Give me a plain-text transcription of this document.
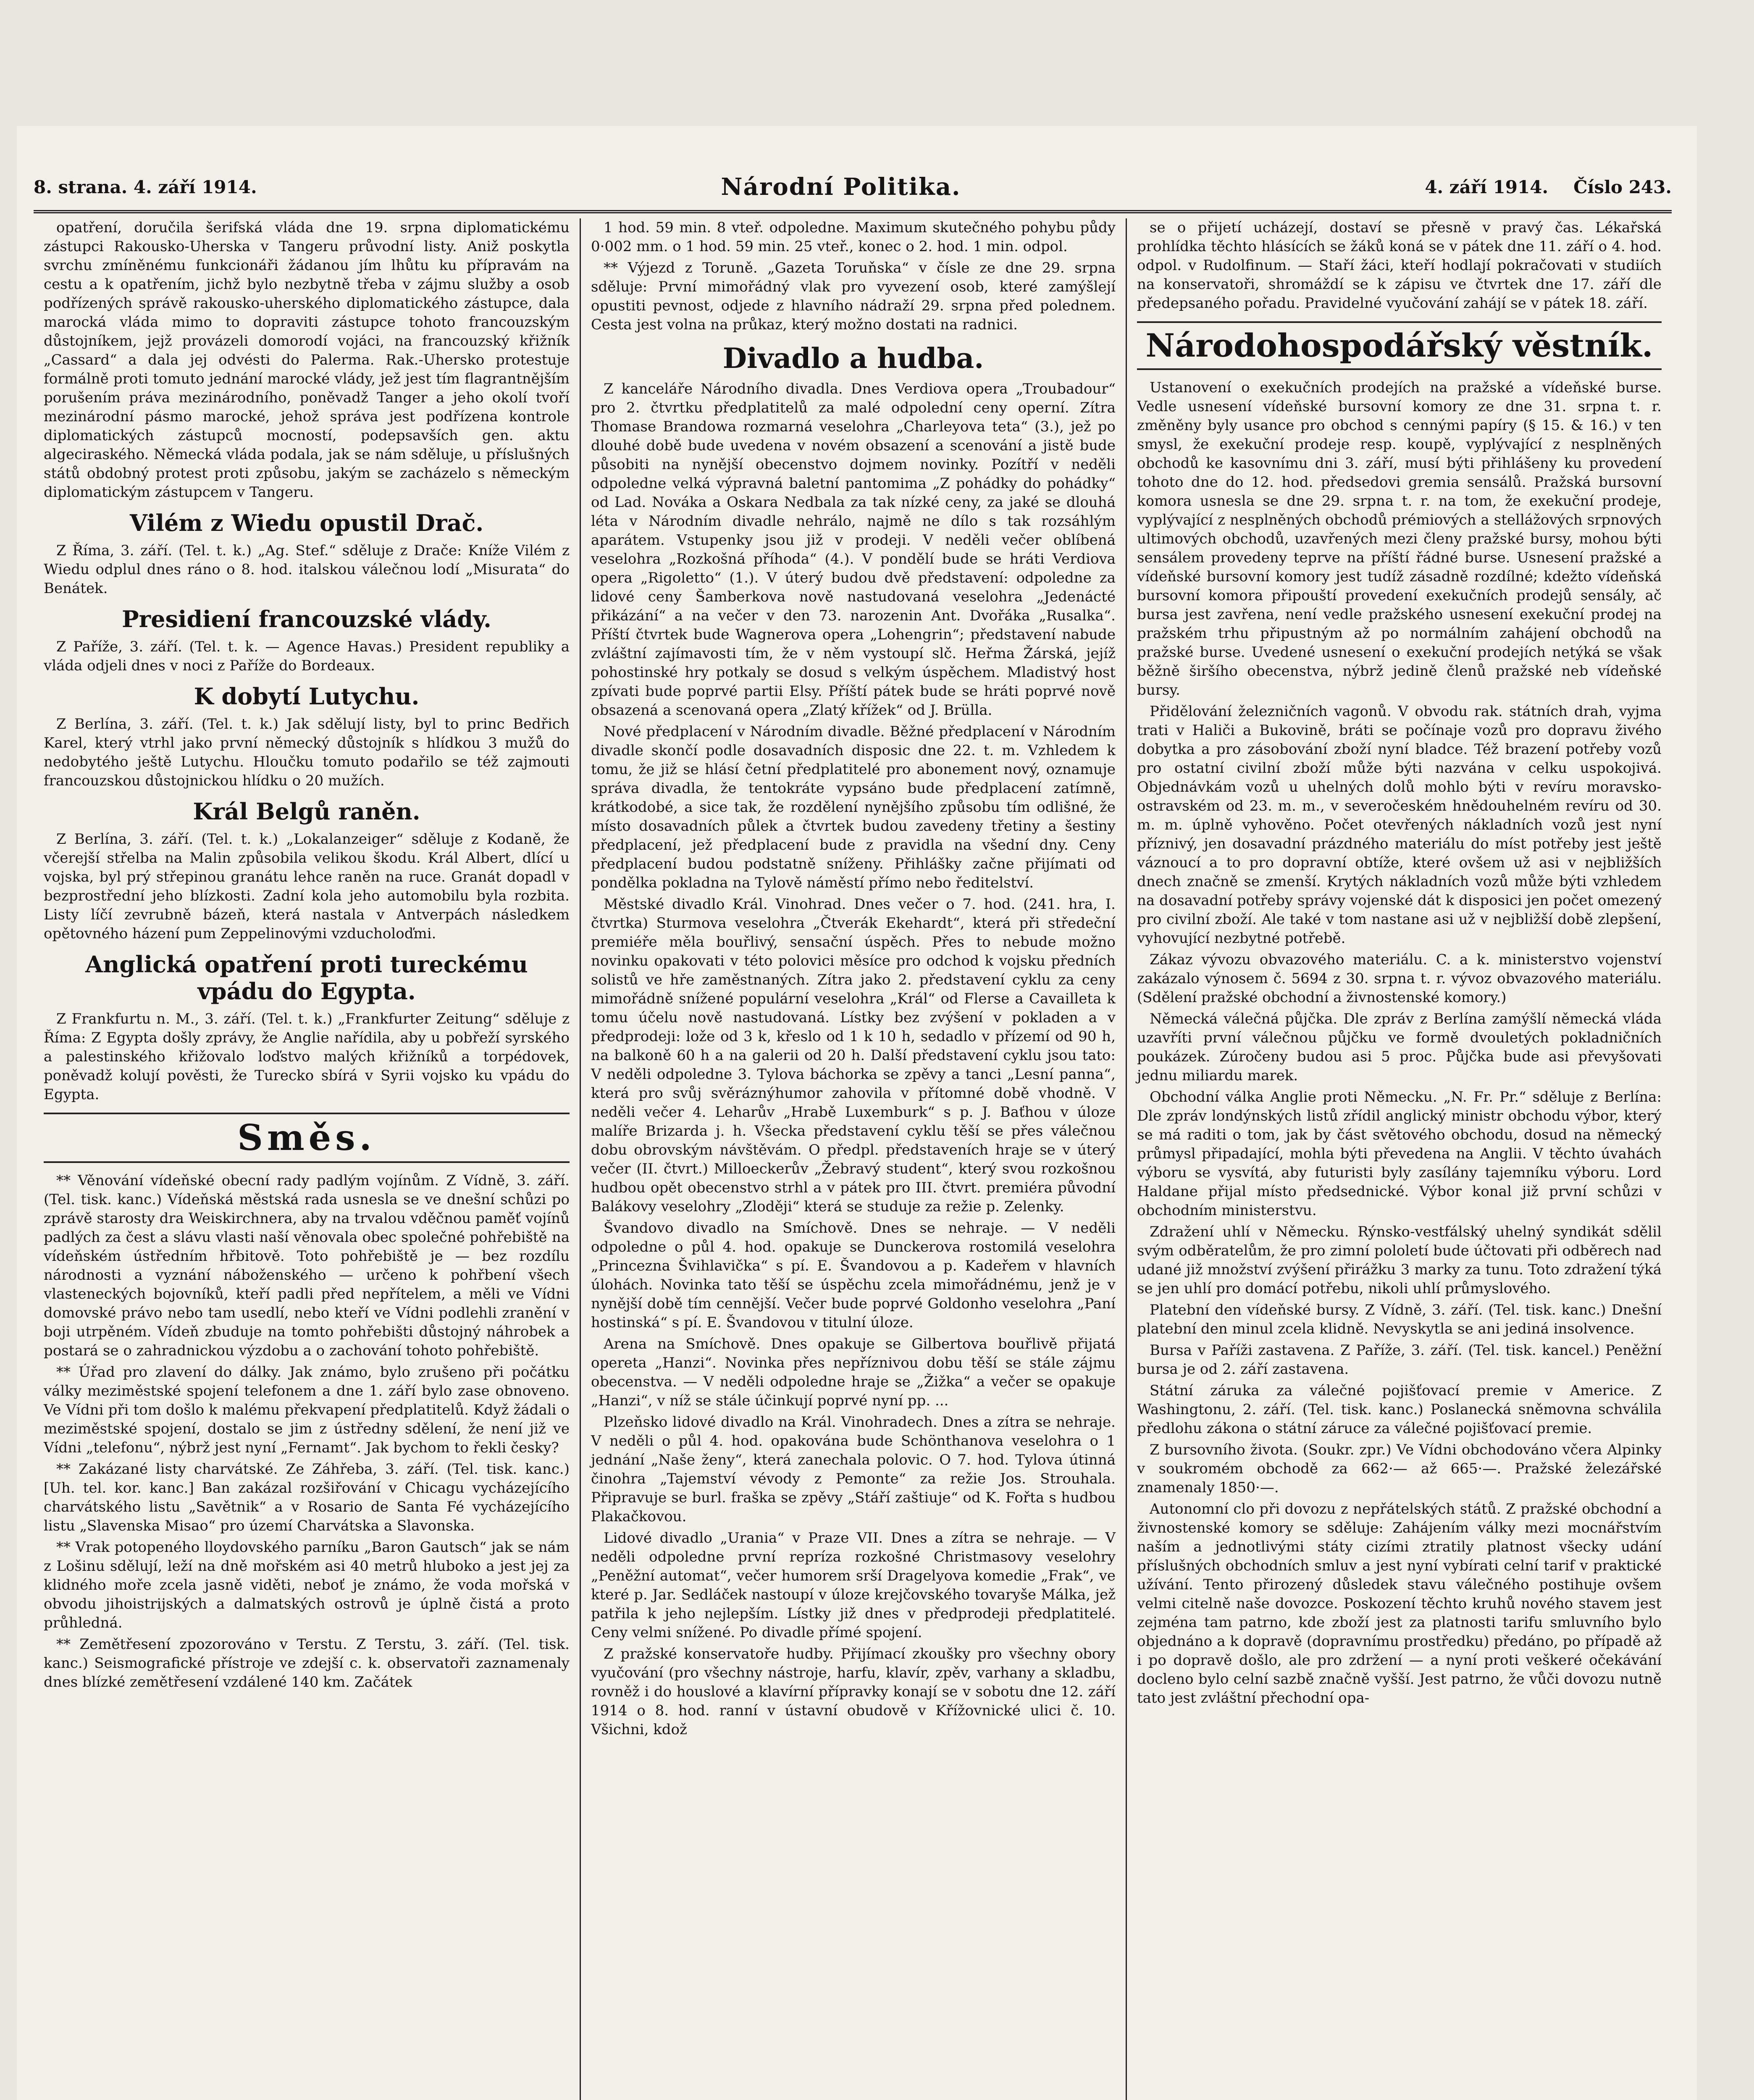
8. strana. 4. září 1914.	Národní Politika.	4. září 1914. Číslo 243.

opatření, doručila šerifská vláda dne 19. srpna diplomatickému zástupci Rakousko-Uherska v Tangeru průvodní listy. Aniž poskytla svrchu zmíněnému funkcionáři žádanou jím lhůtu ku přípravám na cestu a k opatřením, jichž bylo nezbytně třeba v zájmu služby a osob podřízených správě rakousko-uherského diplomatického zástupce, dala marocká vláda mimo to dopraviti zástupce tohoto francouzským důstojníkem, jejž provázeli domorodí vojáci, na francouzský křižník „Cassard“ a dala jej odvésti do Palerma. Rak.-Uhersko protestuje formálně proti tomuto jednání marocké vlády, jež jest tím flagrantnějším porušením práva mezinárodního, poněvadž Tanger a jeho okolí tvoří mezinárodní pásmo marocké, jehož správa jest podřízena kontrole diplomatických zástupců mocností, podepsavších gen. aktu algeciraského. Německá vláda podala, jak se nám sděluje, u příslušných států obdobný protest proti způsobu, jakým se zacházelo s německým diplomatickým zástupcem v Tangeru.

Vilém z Wiedu opustil Drač.

Z Říma, 3. září. (Tel. t. k.) „Ag. Stef.“ sděluje z Drače: Kníže Vilém z Wiedu odplul dnes ráno o 8. hod. italskou válečnou lodí „Misurata“ do Benátek.

Presidiení francouzské vlády.

Z Paříže, 3. září. (Tel. t. k. — Agence Havas.) President republiky a vláda odjeli dnes v noci z Paříže do Bordeaux.

K dobytí Lutychu.

Z Berlína, 3. září. (Tel. t. k.) Jak sdělují listy, byl to princ Bedřich Karel, který vtrhl jako první německý důstojník s hlídkou 3 mužů do nedobytého ještě Lutychu. Hloučku tomuto podařilo se též zajmouti francouzskou důstojnickou hlídku o 20 mužích.

Král Belgů raněn.

Z Berlína, 3. září. (Tel. t. k.) „Lokalanzeiger“ sděluje z Kodaně, že včerejší střelba na Malin způsobila velikou škodu. Král Albert, dlící u vojska, byl prý střepinou granátu lehce raněn na ruce. Granát dopadl v bezprostřední jeho blízkosti. Zadní kola jeho automobilu byla rozbita. Listy líčí zevrubně bázeň, která nastala v Antverpách následkem opětovného házení pum Zeppelinovými vzducholoďmi.

Anglická opatření proti tureckému vpádu do Egypta.

Z Frankfurtu n. M., 3. září. (Tel. t. k.) „Frankfurter Zeitung“ sděluje z Říma: Z Egypta došly zprávy, že Anglie nařídila, aby u pobřeží syrského a palestinského křižovalo loďstvo malých křižníků a torpédovek, poněvadž kolují pověsti, že Turecko sbírá v Syrii vojsko ku vpádu do Egypta.

Směs.

** Věnování vídeňské obecní rady padlým vojínům. Z Vídně, 3. září. (Tel. tisk. kanc.) Vídeňská městská rada usnesla se ve dnešní schůzi po zprávě starosty dra Weiskirchnera, aby na trvalou vděčnou paměť vojínů padlých za čest a slávu vlasti naší věnovala obec společné pohřebiště na vídeňském ústředním hřbitově. Toto pohřebiště je — bez rozdílu národnosti a vyznání náboženského — určeno k pohřbení všech vlasteneckých bojovníků, kteří padli před nepřítelem, a měli ve Vídni domovské právo nebo tam usedlí, nebo kteří ve Vídni podlehli zranění v boji utrpěném. Vídeň zbuduje na tomto pohřebišti důstojný náhrobek a postará se o zahradnickou výzdobu a o zachování tohoto pohřebiště.

** Úřad pro zlavení do dálky. Jak známo, bylo zrušeno při počátku války meziměstské spojení telefonem a dne 1. září bylo zase obnoveno. Ve Vídni při tom došlo k malému překvapení předplatitelů. Když žádali o meziměstské spojení, dostalo se jim z ústředny sdělení, že není již ve Vídni „telefonu“, nýbrž jest nyní „Fernamt“. Jak bychom to řekli česky?

** Zakázané listy charvátské. Ze Záhřeba, 3. září. (Tel. tisk. kanc.) [Uh. tel. kor. kanc.] Ban zakázal rozšiřování v Chicagu vycházejícího charvátského listu „Savětnik“ a v Rosario de Santa Fé vycházejícího listu „Slavenska Misao“ pro území Charvátska a Slavonska.

** Vrak potopeného lloydovského parníku „Baron Gautsch“ jak se nám z Lošinu sdělují, leží na dně mořském asi 40 metrů hluboko a jest jej za klidného moře zcela jasně viděti, neboť je známo, že voda mořská v obvodu jihoistrijských a dalmatských ostrovů je úplně čistá a proto průhledná.

** Zemětřesení zpozorováno v Terstu. Z Terstu, 3. září. (Tel. tisk. kanc.) Seismografické přístroje ve zdejší c. k. observatoři zaznamenaly dnes blízké zemětřesení vzdálené 140 km. Začátek

1 hod. 59 min. 8 vteř. odpoledne. Maximum skutečného pohybu půdy 0·002 mm. o 1 hod. 59 min. 25 vteř., konec o 2. hod. 1 min. odpol.

** Výjezd z Toruně. „Gazeta Toruňska“ v čísle ze dne 29. srpna sděluje: První mimořádný vlak pro vyvezení osob, které zamýšlejí opustiti pevnost, odjede z hlavního nádraží 29. srpna před polednem. Cesta jest volna na průkaz, který možno dostati na radnici.

Divadlo a hudba.

Z kanceláře Národního divadla. Dnes Verdiova opera „Troubadour“ pro 2. čtvrtku předplatitelů za malé odpolední ceny operní. Zítra Thomase Brandowa rozmarná veselohra „Charleyova teta“ (3.), jež po dlouhé době bude uvedena v novém obsazení a scenování a jistě bude působiti na nynější obecenstvo dojmem novinky. Pozítří v neděli odpoledne velká výpravná baletní pantomima „Z pohádky do pohádky“ od Lad. Nováka a Oskara Nedbala za tak nízké ceny, za jaké se dlouhá léta v Národním divadle nehrálo, najmě ne dílo s tak rozsáhlým aparátem. Vstupenky jsou již v prodeji. V neděli večer oblíbená veselohra „Rozkošná příhoda“ (4.). V pondělí bude se hráti Verdiova opera „Rigoletto“ (1.). V úterý budou dvě představení: odpoledne za lidové ceny Šamberkova nově nastudovaná veselohra „Jedenácté přikázání“ a na večer v den 73. narozenin Ant. Dvořáka „Rusalka“. Příští čtvrtek bude Wagnerova opera „Lohengrin“; představení nabude zvláštní zajímavosti tím, že v něm vystoupí slč. Heřma Žárská, jejíž pohostinské hry potkaly se dosud s velkým úspěchem. Mladistvý host zpívati bude poprvé partii Elsy. Příští pátek bude se hráti poprvé nově obsazená a scenovaná opera „Zlatý křížek“ od J. Brülla.

Nové předplacení v Národním divadle. Běžné předplacení v Národním divadle skončí podle dosavadních disposic dne 22. t. m. Vzhledem k tomu, že již se hlásí četní předplatitelé pro abonement nový, oznamuje správa divadla, že tentokráte vypsáno bude předplacení zatímně, krátkodobé, a sice tak, že rozdělení nynějšího způsobu tím odlišné, že místo dosavadních půlek a čtvrtek budou zavedeny třetiny a šestiny předplacení, jež předplacení bude z pravidla na všední dny. Ceny předplacení budou podstatně sníženy. Přihlášky začne přijímati od pondělka pokladna na Tylově náměstí přímo nebo ředitelství.

Městské divadlo Král. Vinohrad. Dnes večer o 7. hod. (241. hra, I. čtvrtka) Sturmova veselohra „Čtverák Ekehardt“, která při středeční premiéře měla bouřlivý, sensační úspěch. Přes to nebude možno novinku opakovati v této polovici měsíce pro odchod k vojsku předních solistů ve hře zaměstnaných. Zítra jako 2. představení cyklu za ceny mimořádně snížené populární veselohra „Král“ od Flerse a Cavailleta k tomu účelu nově nastudovaná. Lístky bez zvýšení v pokladen a v předprodeji: lože od 3 k, křeslo od 1 k 10 h, sedadlo v přízemí od 90 h, na balkoně 60 h a na galerii od 20 h. Další představení cyklu jsou tato: V neděli odpoledne 3. Tylova báchorka se zpěvy a tanci „Lesní panna“, která pro svůj svěráznýhumor zahovila v přítomné době vhodně. V neděli večer 4. Leharův „Hrabě Luxemburk“ s p. J. Baťhou v úloze malíře Brizarda j. h. Všecka představení cyklu těší se přes válečnou dobu obrovským návštěvám. O předpl. představeních hraje se v úterý večer (II. čtvrt.) Milloeckerův „Žebravý student“, který svou rozkošnou hudbou opět obecenstvo strhl a v pátek pro III. čtvrt. premiéra původní Balákovy veselohry „Zloději“ která se studuje za režie p. Zelenky.

Švandovo divadlo na Smíchově. Dnes se nehraje. — V neděli odpoledne o půl 4. hod. opakuje se Dunckerova rostomilá veselohra „Princezna Švihlavička“ s pí. E. Švandovou a p. Kadeřem v hlavních úlohách. Novinka tato těší se úspěchu zcela mimořádnému, jenž je v nynější době tím cennější. Večer bude poprvé Goldonho veselohra „Paní hostinská“ s pí. E. Švandovou v titulní úloze.

Arena na Smíchově. Dnes opakuje se Gilbertova bouřlivě přijatá opereta „Hanzi“. Novinka přes nepříznivou dobu těší se stále zájmu obecenstva. — V neděli odpoledne hraje se „Žižka“ a večer se opakuje „Hanzi“, v níž se stále účinkují poprvé nyní pp. ...

Plzeňsko lidové divadlo na Král. Vinohradech. Dnes a zítra se nehraje. V neděli o půl 4. hod. opakována bude Schönthanova veselohra o 1 jednání „Naše ženy“, která zanechala polovic. O 7. hod. Tylova útinná činohra „Tajemství vévody z Pemonte“ za režie Jos. Strouhala. Připravuje se burl. fraška se zpěvy „Stáří zaštiuje“ od K. Fořta s hudbou Plakačkovou.

Lidové divadlo „Urania“ v Praze VII. Dnes a zítra se nehraje. — V neděli odpoledne první repríza rozkošné Christmasovy veselohry „Peněžní automat“, večer humorem srší Dragelyova komedie „Frak“, ve které p. Jar. Sedláček nastoupí v úloze krejčovského tovaryše Málka, jež patřila k jeho nejlepším. Lístky již dnes v předprodeji předplatitelé. Ceny velmi snížené. Po divadle přímé spojení.

Z pražské konservatoře hudby. Přijímací zkoušky pro všechny obory vyučování (pro všechny nástroje, harfu, klavír, zpěv, varhany a skladbu, rovněž i do houslové a klavírní přípravky konají se v sobotu dne 12. září 1914 o 8. hod. ranní v ústavní obudově v Křížovnické ulici č. 10. Všichni, kdož

se o přijetí ucházejí, dostaví se přesně v pravý čas. Lékařská prohlídka těchto hlásících se žáků koná se v pátek dne 11. září o 4. hod. odpol. v Rudolfinum. — Staří žáci, kteří hodlají pokračovati v studiích na konservatoři, shromáždí se k zápisu ve čtvrtek dne 17. září dle předepsaného pořadu. Pravidelné vyučování zahájí se v pátek 18. září.

Národohospodářský věstník.

Ustanovení o exekučních prodejích na pražské a vídeňské burse. Vedle usnesení vídeňské bursovní komory ze dne 31. srpna t. r. změněny byly usance pro obchod s cennými papíry (§ 15. & 16.) v ten smysl, že exekuční prodeje resp. koupě, vyplývající z nesplněných obchodů ke kasovnímu dni 3. září, musí býti přihlášeny ku provedení tohoto dne do 12. hod. předsedovi gremia sensálů. Pražská bursovní komora usnesla se dne 29. srpna t. r. na tom, že exekuční prodeje, vyplývající z nesplněných obchodů prémiových a stellážových srpnových ultimových obchodů, uzavřených mezi členy pražské bursy, mohou býti sensálem provedeny teprve na příští řádné burse. Usnesení pražské a vídeňské bursovní komory jest tudíž zásadně rozdílné; kdežto vídeňská bursovní komora připouští provedení exekučních prodejů sensály, ač bursa jest zavřena, není vedle pražského usnesení exekuční prodej na pražském trhu připustným až po normálním zahájení obchodů na pražské burse. Uvedené usnesení o exekuční prodejích netýká se však běžně širšího obecenstva, nýbrž jedině členů pražské neb vídeňské bursy.

Přidělování železničních vagonů. V obvodu rak. státních drah, vyjma trati v Haliči a Bukovině, bráti se počínaje vozů pro dopravu živého dobytka a pro zásobování zboží nyní bladce. Též brazení potřeby vozů pro ostatní civilní zboží může býti nazvána v celku uspokojivá. Objednávkám vozů u uhelných dolů mohlo býti v revíru moravsko-ostravském od 23. m. m., v severočeském hnědouhelném revíru od 30. m. m. úplně vyhověno. Počet otevřených nákladních vozů jest nyní příznivý, jen dosavadní prázdného materiálu do míst potřeby jest ještě váznoucí a to pro dopravní obtíže, které ovšem už asi v nejbližších dnech značně se zmenší. Krytých nákladních vozů může býti vzhledem na dosavadní potřeby správy vojenské dát k disposici jen počet omezený pro civilní zboží. Ale také v tom nastane asi už v nejbližší době zlepšení, vyhovující nezbytné potřebě.

Zákaz vývozu obvazového materiálu. C. a k. ministerstvo vojenství zakázalo výnosem č. 5694 z 30. srpna t. r. vývoz obvazového materiálu. (Sdělení pražské obchodní a živnostenské komory.)

Německá válečná půjčka. Dle zpráv z Berlína zamýšlí německá vláda uzavříti první válečnou půjčku ve formě dvouletých pokladničních poukázek. Zúročeny budou asi 5 proc. Půjčka bude asi převyšovati jednu miliardu marek.

Obchodní válka Anglie proti Německu. „N. Fr. Pr.“ sděluje z Berlína: Dle zpráv londýnských listů zřídil anglický ministr obchodu výbor, který se má raditi o tom, jak by část světového obchodu, dosud na německý průmysl připadající, mohla býti převedena na Anglii. V těchto úvahách výboru se vysvítá, aby futuristi byly zasílány tajemníku výboru. Lord Haldane přijal místo předsednické. Výbor konal již první schůzi v obchodním ministerstvu.

Zdražení uhlí v Německu. Rýnsko-vestfálský uhelný syndikát sdělil svým odběratelům, že pro zimní pololetí bude účtovati při odběrech nad udané již množství zvýšení přirážku 3 marky za tunu. Toto zdražení týká se jen uhlí pro domácí potřebu, nikoli uhlí průmyslového.

Platební den vídeňské bursy. Z Vídně, 3. září. (Tel. tisk. kanc.) Dnešní platební den minul zcela klidně. Nevyskytla se ani jediná insolvence.

Bursa v Paříži zastavena. Z Paříže, 3. září. (Tel. tisk. kancel.) Peněžní bursa je od 2. září zastavena.

Státní záruka za válečné pojišťovací premie v Americe. Z Washingtonu, 2. září. (Tel. tisk. kanc.) Poslanecká sněmovna schválila předlohu zákona o státní záruce za válečné pojišťovací premie.

Z bursovního života. (Soukr. zpr.) Ve Vídni obchodováno včera Alpinky v soukromém obchodě za 662·— až 665·—. Pražské železářské znamenaly 1850·—.

Autonomní clo při dovozu z nepřátelských států. Z pražské obchodní a živnostenské komory se sděluje: Zahájením války mezi mocnářstvím naším a jednotlivými státy cizími ztratily platnost všecky udání příslušných obchodních smluv a jest nyní vybírati celní tarif v praktické užívání. Tento přirozený důsledek stavu válečného postihuje ovšem velmi citelně naše dovozce. Poskození těchto kruhů nového stavem jest zejména tam patrno, kde zboží jest za platnosti tarifu smluvního bylo objednáno a k dopravě (dopravnímu prostředku) předáno, po případě až i po dopravě došlo, ale pro zdržení — a nyní proti veškeré očekávání docleno bylo celní sazbě značně vyšší. Jest patrno, že vůči dovozu nutně tato jest zvláštní přechodní opa-
